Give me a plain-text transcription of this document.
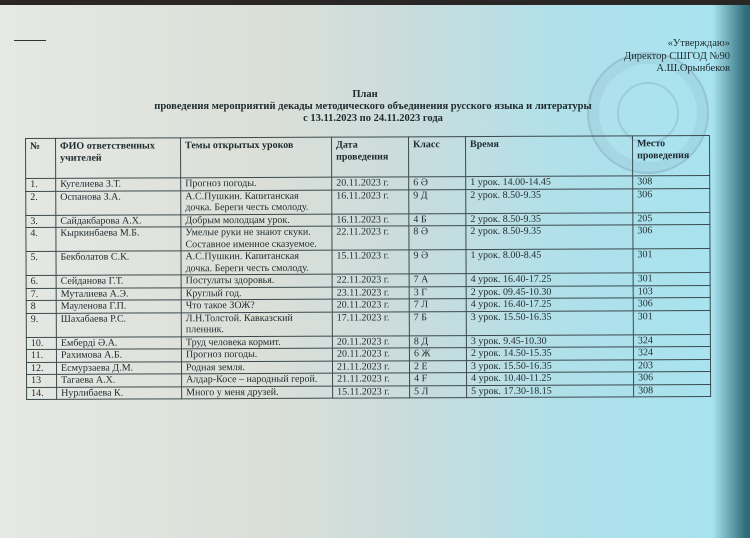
«Утверждаю»
Директор СШГОД №90
А.Ш.Орынбеков
План
проведения мероприятий декады методического объединения русского языка и литературы
с 13.11.2023 по 24.11.2023 года
№	ФИО ответственных учителей	Темы открытых уроков	Дата проведения	Класс	Время	Место проведения
1.	Кугелиева З.Т.	Прогноз погоды.	20.11.2023 г.	6 Ә	1 урок. 14.00-14.45	308
2.	Оспанова З.А.	А.С.Пушкин. Капитанская дочка. Береги честь смолоду.	16.11.2023 г.	9 Д	2 урок. 8.50-9.35	306
3.	Сайдакбарова А.Х.	Добрым молодцам урок.	16.11.2023 г.	4 Б	2 урок. 8.50-9.35	205
4.	Кыркинбаева М.Б.	Умелые руки не знают скуки. Составное именное сказуемое.	22.11.2023 г.	8 Ә	2 урок. 8.50-9.35	306
5.	Бекболатов С.К.	А.С.Пушкин. Капитанская дочка. Береги честь смолоду.	15.11.2023 г.	9 Ә	1 урок. 8.00-8.45	301
6.	Сейданова Г.Т.	Постулаты здоровья.	22.11.2023 г.	7 А	4 урок. 16.40-17.25	301
7.	Муталиева А.Э.	Круглый год.	23.11.2023 г.	3 Г	2 урок. 09.45-10.30	103
8	Мауленова Г.П.	Что такое ЗОЖ?	20.11.2023 г.	7 Л	4 урок. 16.40-17.25	306
9.	Шахабаева Р.С.	Л.Н.Толстой. Кавказский пленник.	17.11.2023 г.	7 Б	3 урок. 15.50-16.35	301
10.	Емберді Ә.А.	Труд человека кормит.	20.11.2023 г.	8 Д	3 урок. 9.45-10.30	324
11.	Рахимова А.Б.	Прогноз погоды.	20.11.2023 г.	6 Ж	2 урок. 14.50-15.35	324
12.	Есмурзаева Д.М.	Родная земля.	21.11.2023 г.	2 Е	3 урок. 15.50-16.35	203
13	Тагаева А.Х.	Алдар-Косе – народный герой.	21.11.2023 г.	4 F	4 урок. 10.40-11.25	306
14.	Нурлибаева К.	Много у меня друзей.	15.11.2023 г.	5 Л	5 урок. 17.30-18.15	308
